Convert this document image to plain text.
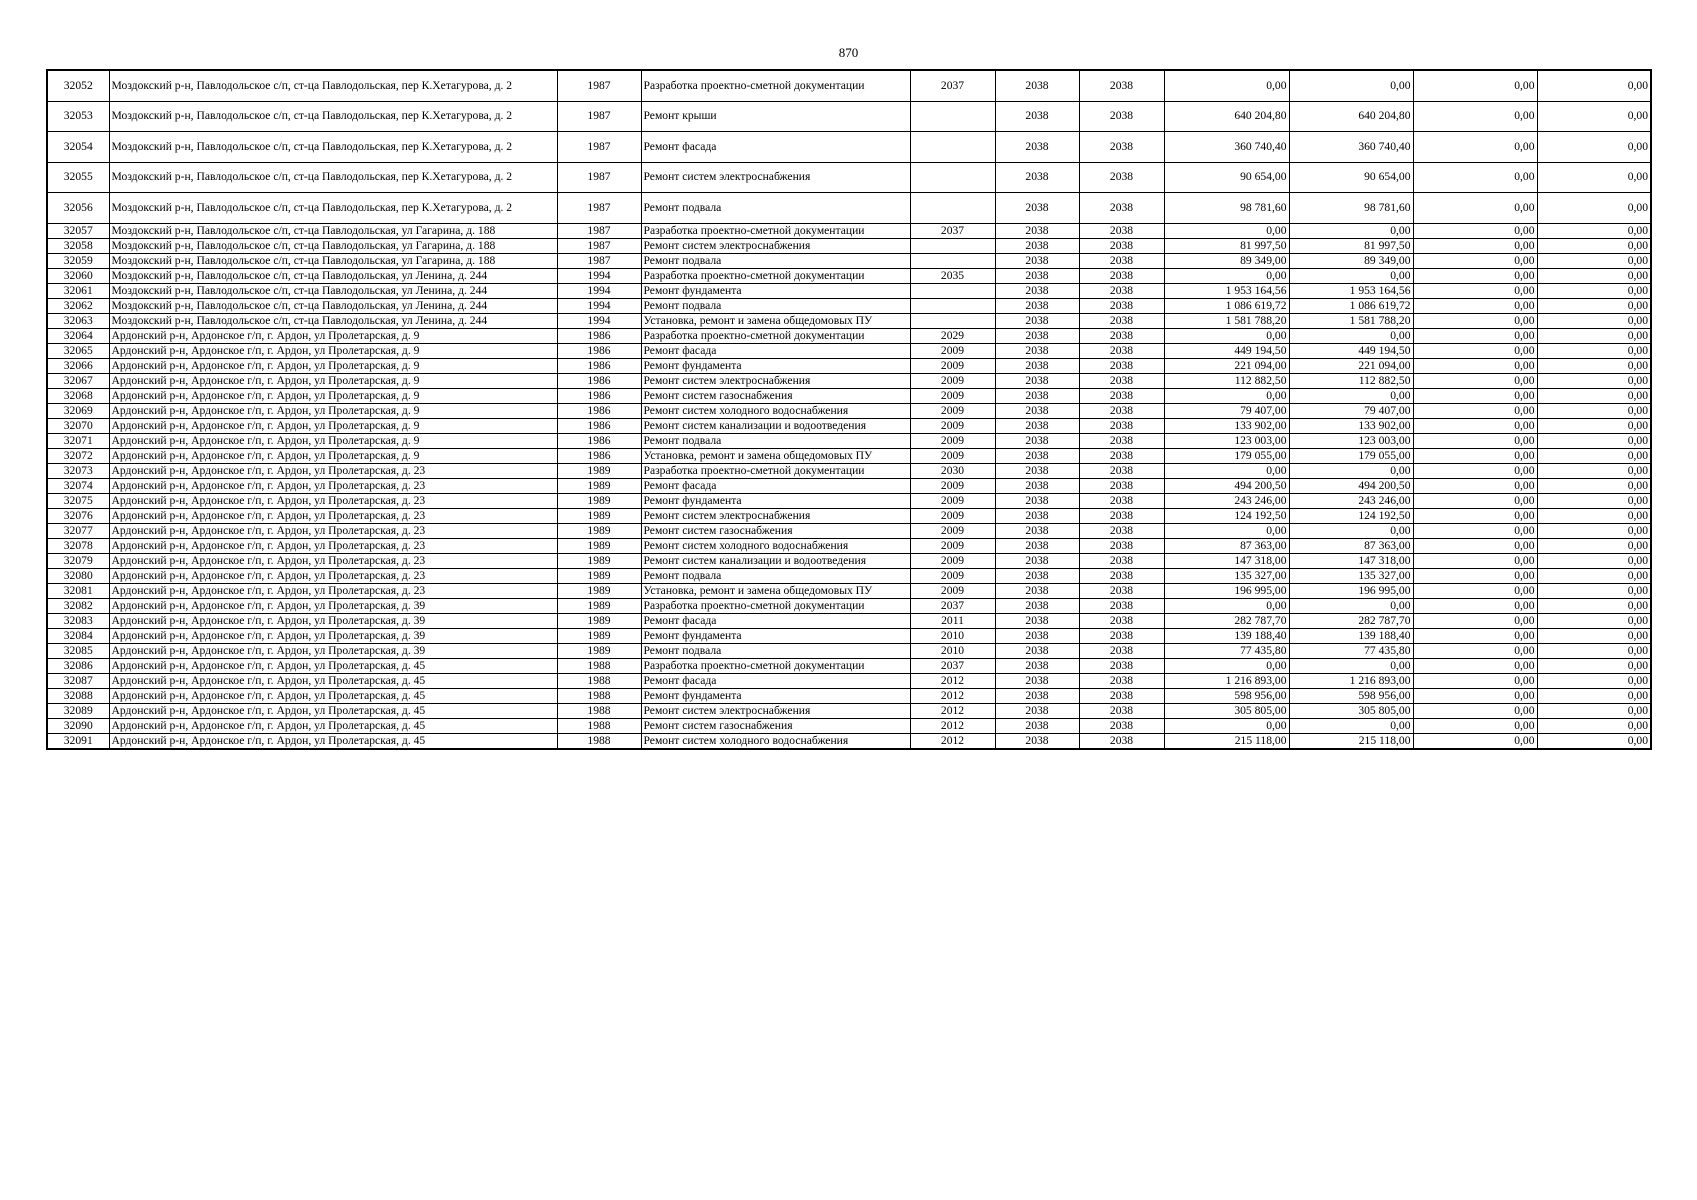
870
32052	Моздокский р-н, Павлодольское с/п, ст-ца Павлодольская, пер К.Хетагурова, д. 2	1987	Разработка проектно-сметной документации	2037	2038	2038	0,00	0,00	0,00	0,00
32053	Моздокский р-н, Павлодольское с/п, ст-ца Павлодольская, пер К.Хетагурова, д. 2	1987	Ремонт крыши		2038	2038	640 204,80	640 204,80	0,00	0,00
32054	Моздокский р-н, Павлодольское с/п, ст-ца Павлодольская, пер К.Хетагурова, д. 2	1987	Ремонт фасада		2038	2038	360 740,40	360 740,40	0,00	0,00
32055	Моздокский р-н, Павлодольское с/п, ст-ца Павлодольская, пер К.Хетагурова, д. 2	1987	Ремонт систем электроснабжения		2038	2038	90 654,00	90 654,00	0,00	0,00
32056	Моздокский р-н, Павлодольское с/п, ст-ца Павлодольская, пер К.Хетагурова, д. 2	1987	Ремонт подвала		2038	2038	98 781,60	98 781,60	0,00	0,00
32057	Моздокский р-н, Павлодольское с/п, ст-ца Павлодольская, ул Гагарина, д. 188	1987	Разработка проектно-сметной документации	2037	2038	2038	0,00	0,00	0,00	0,00
32058	Моздокский р-н, Павлодольское с/п, ст-ца Павлодольская, ул Гагарина, д. 188	1987	Ремонт систем электроснабжения		2038	2038	81 997,50	81 997,50	0,00	0,00
32059	Моздокский р-н, Павлодольское с/п, ст-ца Павлодольская, ул Гагарина, д. 188	1987	Ремонт подвала		2038	2038	89 349,00	89 349,00	0,00	0,00
32060	Моздокский р-н, Павлодольское с/п, ст-ца Павлодольская, ул Ленина, д. 244	1994	Разработка проектно-сметной документации	2035	2038	2038	0,00	0,00	0,00	0,00
32061	Моздокский р-н, Павлодольское с/п, ст-ца Павлодольская, ул Ленина, д. 244	1994	Ремонт фундамента		2038	2038	1 953 164,56	1 953 164,56	0,00	0,00
32062	Моздокский р-н, Павлодольское с/п, ст-ца Павлодольская, ул Ленина, д. 244	1994	Ремонт подвала		2038	2038	1 086 619,72	1 086 619,72	0,00	0,00
32063	Моздокский р-н, Павлодольское с/п, ст-ца Павлодольская, ул Ленина, д. 244	1994	Установка, ремонт и замена общедомовых ПУ		2038	2038	1 581 788,20	1 581 788,20	0,00	0,00
32064	Ардонский р-н, Ардонское г/п, г. Ардон, ул Пролетарская, д. 9	1986	Разработка проектно-сметной документации	2029	2038	2038	0,00	0,00	0,00	0,00
32065	Ардонский р-н, Ардонское г/п, г. Ардон, ул Пролетарская, д. 9	1986	Ремонт фасада	2009	2038	2038	449 194,50	449 194,50	0,00	0,00
32066	Ардонский р-н, Ардонское г/п, г. Ардон, ул Пролетарская, д. 9	1986	Ремонт фундамента	2009	2038	2038	221 094,00	221 094,00	0,00	0,00
32067	Ардонский р-н, Ардонское г/п, г. Ардон, ул Пролетарская, д. 9	1986	Ремонт систем электроснабжения	2009	2038	2038	112 882,50	112 882,50	0,00	0,00
32068	Ардонский р-н, Ардонское г/п, г. Ардон, ул Пролетарская, д. 9	1986	Ремонт систем газоснабжения	2009	2038	2038	0,00	0,00	0,00	0,00
32069	Ардонский р-н, Ардонское г/п, г. Ардон, ул Пролетарская, д. 9	1986	Ремонт систем холодного водоснабжения	2009	2038	2038	79 407,00	79 407,00	0,00	0,00
32070	Ардонский р-н, Ардонское г/п, г. Ардон, ул Пролетарская, д. 9	1986	Ремонт систем канализации и водоотведения	2009	2038	2038	133 902,00	133 902,00	0,00	0,00
32071	Ардонский р-н, Ардонское г/п, г. Ардон, ул Пролетарская, д. 9	1986	Ремонт подвала	2009	2038	2038	123 003,00	123 003,00	0,00	0,00
32072	Ардонский р-н, Ардонское г/п, г. Ардон, ул Пролетарская, д. 9	1986	Установка, ремонт и замена общедомовых ПУ	2009	2038	2038	179 055,00	179 055,00	0,00	0,00
32073	Ардонский р-н, Ардонское г/п, г. Ардон, ул Пролетарская, д. 23	1989	Разработка проектно-сметной документации	2030	2038	2038	0,00	0,00	0,00	0,00
32074	Ардонский р-н, Ардонское г/п, г. Ардон, ул Пролетарская, д. 23	1989	Ремонт фасада	2009	2038	2038	494 200,50	494 200,50	0,00	0,00
32075	Ардонский р-н, Ардонское г/п, г. Ардон, ул Пролетарская, д. 23	1989	Ремонт фундамента	2009	2038	2038	243 246,00	243 246,00	0,00	0,00
32076	Ардонский р-н, Ардонское г/п, г. Ардон, ул Пролетарская, д. 23	1989	Ремонт систем электроснабжения	2009	2038	2038	124 192,50	124 192,50	0,00	0,00
32077	Ардонский р-н, Ардонское г/п, г. Ардон, ул Пролетарская, д. 23	1989	Ремонт систем газоснабжения	2009	2038	2038	0,00	0,00	0,00	0,00
32078	Ардонский р-н, Ардонское г/п, г. Ардон, ул Пролетарская, д. 23	1989	Ремонт систем холодного водоснабжения	2009	2038	2038	87 363,00	87 363,00	0,00	0,00
32079	Ардонский р-н, Ардонское г/п, г. Ардон, ул Пролетарская, д. 23	1989	Ремонт систем канализации и водоотведения	2009	2038	2038	147 318,00	147 318,00	0,00	0,00
32080	Ардонский р-н, Ардонское г/п, г. Ардон, ул Пролетарская, д. 23	1989	Ремонт подвала	2009	2038	2038	135 327,00	135 327,00	0,00	0,00
32081	Ардонский р-н, Ардонское г/п, г. Ардон, ул Пролетарская, д. 23	1989	Установка, ремонт и замена общедомовых ПУ	2009	2038	2038	196 995,00	196 995,00	0,00	0,00
32082	Ардонский р-н, Ардонское г/п, г. Ардон, ул Пролетарская, д. 39	1989	Разработка проектно-сметной документации	2037	2038	2038	0,00	0,00	0,00	0,00
32083	Ардонский р-н, Ардонское г/п, г. Ардон, ул Пролетарская, д. 39	1989	Ремонт фасада	2011	2038	2038	282 787,70	282 787,70	0,00	0,00
32084	Ардонский р-н, Ардонское г/п, г. Ардон, ул Пролетарская, д. 39	1989	Ремонт фундамента	2010	2038	2038	139 188,40	139 188,40	0,00	0,00
32085	Ардонский р-н, Ардонское г/п, г. Ардон, ул Пролетарская, д. 39	1989	Ремонт подвала	2010	2038	2038	77 435,80	77 435,80	0,00	0,00
32086	Ардонский р-н, Ардонское г/п, г. Ардон, ул Пролетарская, д. 45	1988	Разработка проектно-сметной документации	2037	2038	2038	0,00	0,00	0,00	0,00
32087	Ардонский р-н, Ардонское г/п, г. Ардон, ул Пролетарская, д. 45	1988	Ремонт фасада	2012	2038	2038	1 216 893,00	1 216 893,00	0,00	0,00
32088	Ардонский р-н, Ардонское г/п, г. Ардон, ул Пролетарская, д. 45	1988	Ремонт фундамента	2012	2038	2038	598 956,00	598 956,00	0,00	0,00
32089	Ардонский р-н, Ардонское г/п, г. Ардон, ул Пролетарская, д. 45	1988	Ремонт систем электроснабжения	2012	2038	2038	305 805,00	305 805,00	0,00	0,00
32090	Ардонский р-н, Ардонское г/п, г. Ардон, ул Пролетарская, д. 45	1988	Ремонт систем газоснабжения	2012	2038	2038	0,00	0,00	0,00	0,00
32091	Ардонский р-н, Ардонское г/п, г. Ардон, ул Пролетарская, д. 45	1988	Ремонт систем холодного водоснабжения	2012	2038	2038	215 118,00	215 118,00	0,00	0,00
